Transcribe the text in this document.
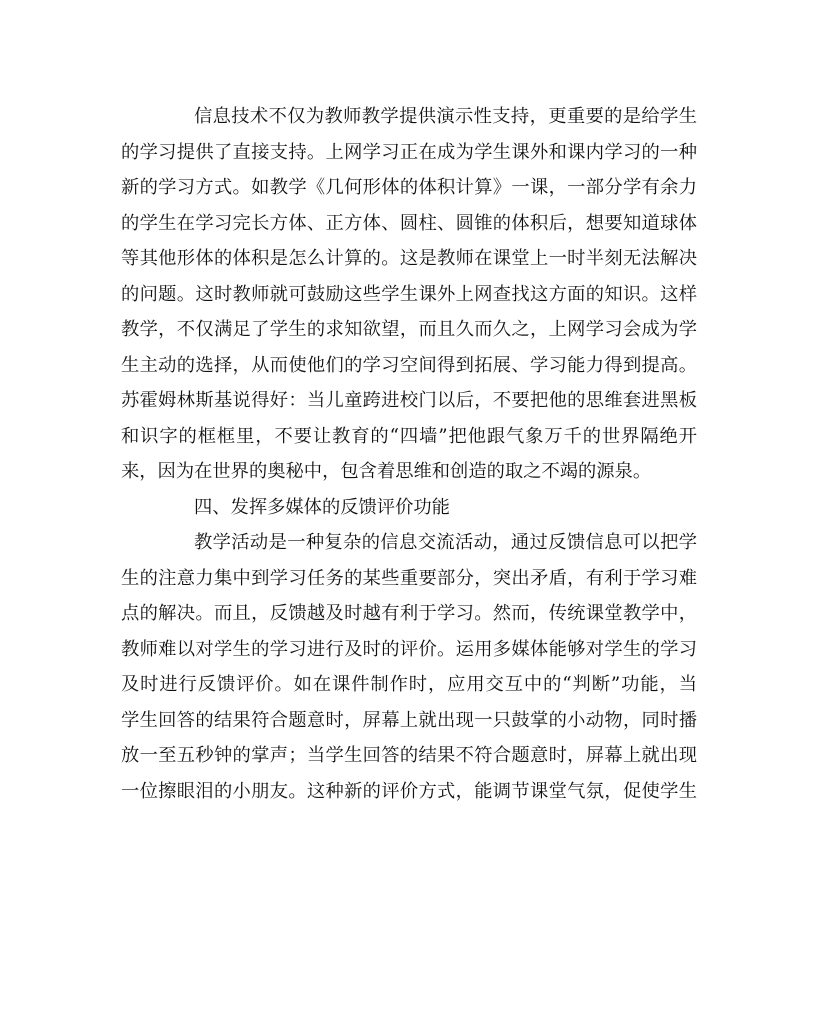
信息技术不仅为教师教学提供演示性支持，更重要的是给学生
的学习提供了直接支持。上网学习正在成为学生课外和课内学习的一种
新的学习方式。如教学《几何形体的体积计算》一课，一部分学有余力
的学生在学习完长方体、正方体、圆柱、圆锥的体积后，想要知道球体
等其他形体的体积是怎么计算的。这是教师在课堂上一时半刻无法解决
的问题。这时教师就可鼓励这些学生课外上网查找这方面的知识。这样
教学，不仅满足了学生的求知欲望，而且久而久之，上网学习会成为学
生主动的选择，从而使他们的学习空间得到拓展、学习能力得到提高。
苏霍姆林斯基说得好：当儿童跨进校门以后，不要把他的思维套进黑板
和识字的框框里，不要让教育的“四墙”把他跟气象万千的世界隔绝开
来，因为在世界的奥秘中，包含着思维和创造的取之不竭的源泉。
四、发挥多媒体的反馈评价功能
教学活动是一种复杂的信息交流活动，通过反馈信息可以把学
生的注意力集中到学习任务的某些重要部分，突出矛盾，有利于学习难
点的解决。而且，反馈越及时越有利于学习。然而，传统课堂教学中，
教师难以对学生的学习进行及时的评价。运用多媒体能够对学生的学习
及时进行反馈评价。如在课件制作时，应用交互中的“判断”功能，当
学生回答的结果符合题意时，屏幕上就出现一只鼓掌的小动物，同时播
放一至五秒钟的掌声；当学生回答的结果不符合题意时，屏幕上就出现
一位擦眼泪的小朋友。这种新的评价方式，能调节课堂气氛，促使学生
